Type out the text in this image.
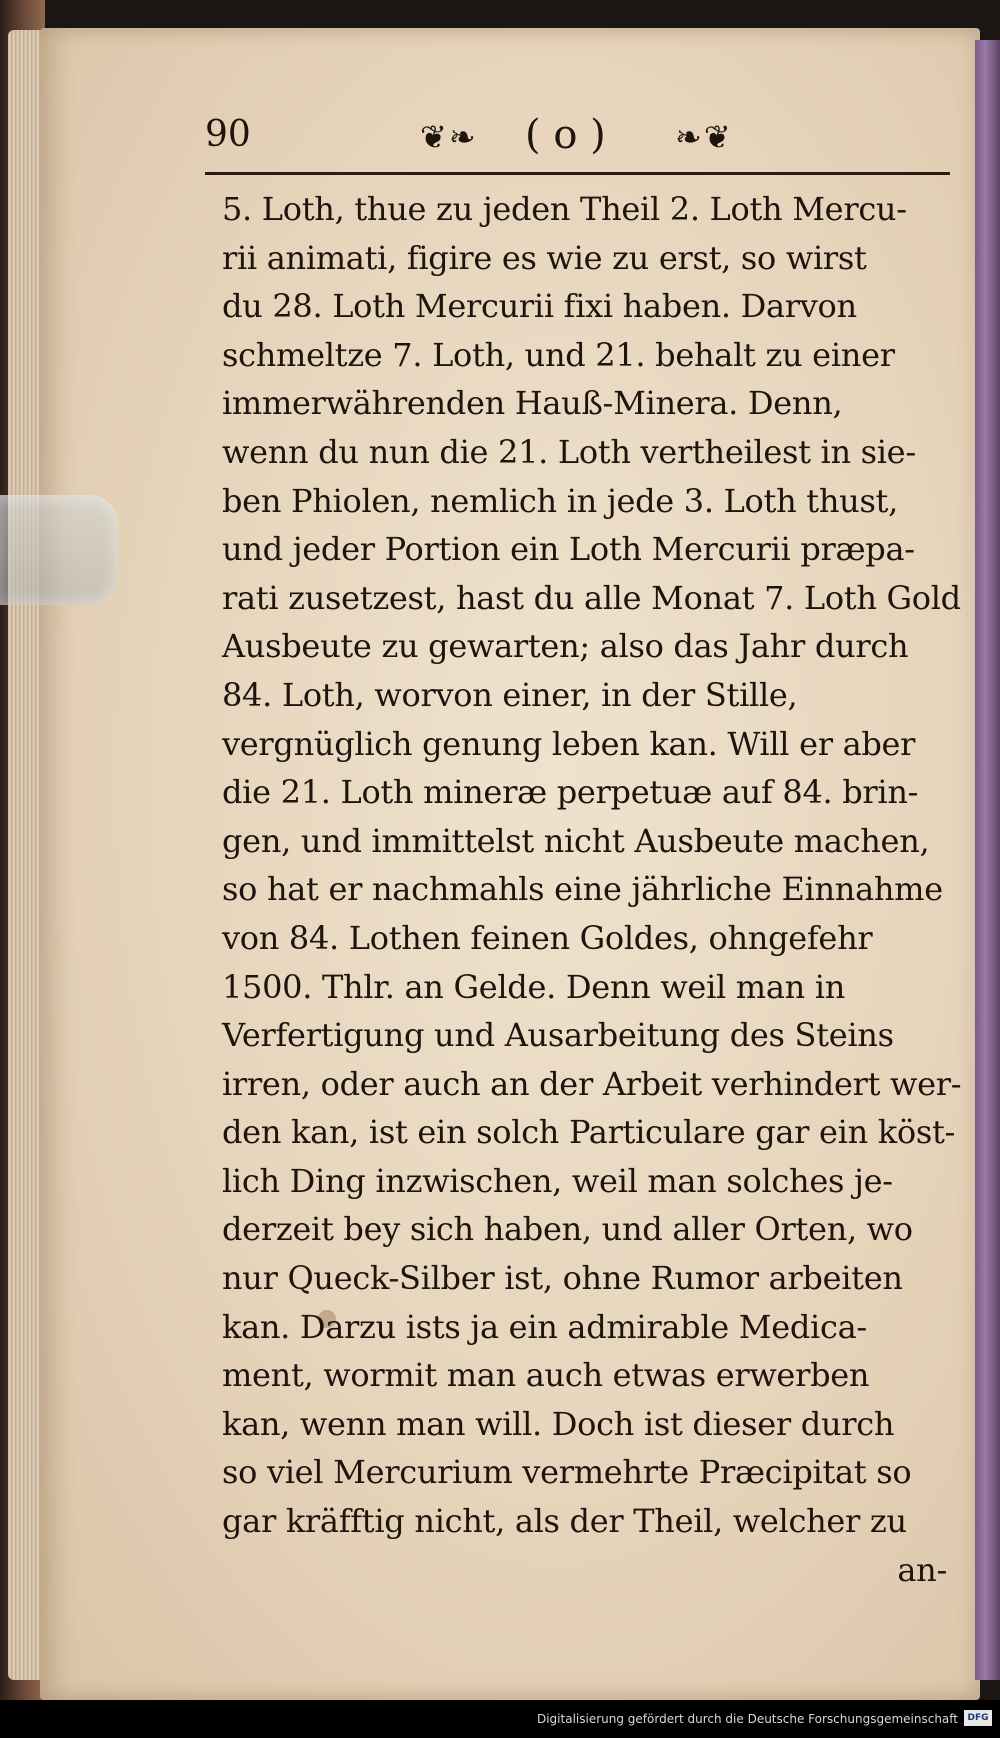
90	❦❧ ( o ) ❧❦
5. Loth, thue zu jeden Theil 2. Loth Mercu-
rii animati, figire es wie zu erst, so wirst
du 28. Loth Mercurii fixi haben. Darvon
schmeltze 7. Loth, und 21. behalt zu einer
immerwährenden Hauß-Minera. Denn,
wenn du nun die 21. Loth vertheilest in sie-
ben Phiolen, nemlich in jede 3. Loth thust,
und jeder Portion ein Loth Mercurii præpa-
rati zusetzest, hast du alle Monat 7. Loth Gold
Ausbeute zu gewarten; also das Jahr durch
84. Loth, worvon einer, in der Stille,
vergnüglich genung leben kan. Will er aber
die 21. Loth mineræ perpetuæ auf 84. brin-
gen, und immittelst nicht Ausbeute machen,
so hat er nachmahls eine jährliche Einnahme
von 84. Lothen feinen Goldes, ohngefehr
1500. Thlr. an Gelde. Denn weil man in
Verfertigung und Ausarbeitung des Steins
irren, oder auch an der Arbeit verhindert wer-
den kan, ist ein solch Particulare gar ein köst-
lich Ding inzwischen, weil man solches je-
derzeit bey sich haben, und aller Orten, wo
nur Queck-Silber ist, ohne Rumor arbeiten
kan. Darzu ists ja ein admirable Medica-
ment, wormit man auch etwas erwerben
kan, wenn man will. Doch ist dieser durch
so viel Mercurium vermehrte Præcipitat so
gar kräfftig nicht, als der Theil, welcher zu
an-
Digitalisierung gefördert durch die Deutsche Forschungsgemeinschaft	DFG
